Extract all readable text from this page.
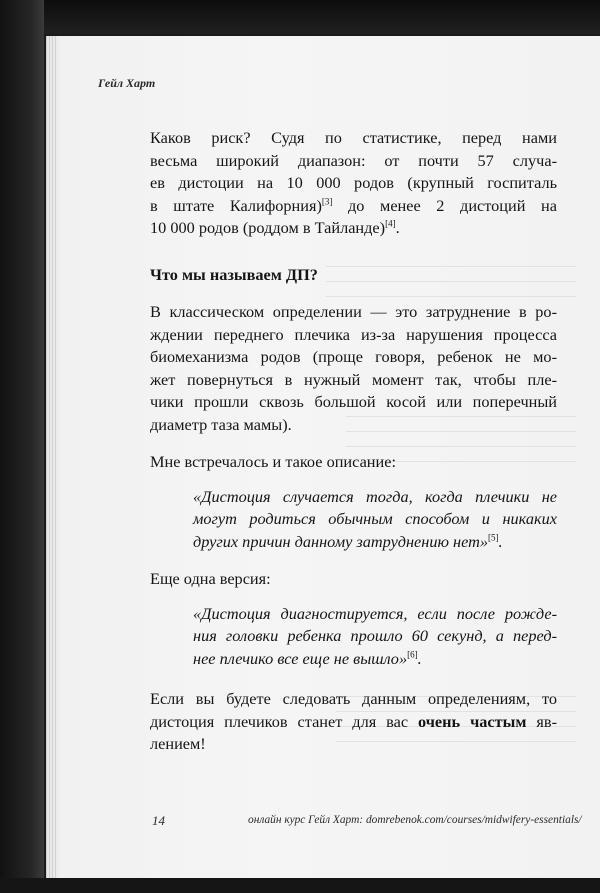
Гейл Харт

Каков риск? Судя по статистике, перед нами
весьма широкий диапазон: от почти 57 случа-
ев дистоции на 10 000 родов (крупный госпиталь
в штате Калифорния)[3] до менее 2 дистоций на
10 000 родов (роддом в Тайланде)[4].

Что мы называем ДП?

В классическом определении — это затруднение в ро-
ждении переднего плечика из-за нарушения процесса
биомеханизма родов (проще говоря, ребенок не мо-
жет повернуться в нужный момент так, чтобы пле-
чики прошли сквозь большой косой или поперечный
диаметр таза мамы).

Мне встречалось и такое описание:

«Дистоция случается тогда, когда плечики не
могут родиться обычным способом и никаких
других причин данному затруднению нет»[5].

Еще одна версия:

«Дистоция диагностируется, если после рожде-
ния головки ребенка прошло 60 секунд, а перед-
нее плечико все еще не вышло»[6].

Если вы будете следовать данным определениям, то
дистоция плечиков станет для вас очень частым яв-
лением!

14	онлайн курс Гейл Харт: domrebenok.com/courses/midwifery-essentials/
